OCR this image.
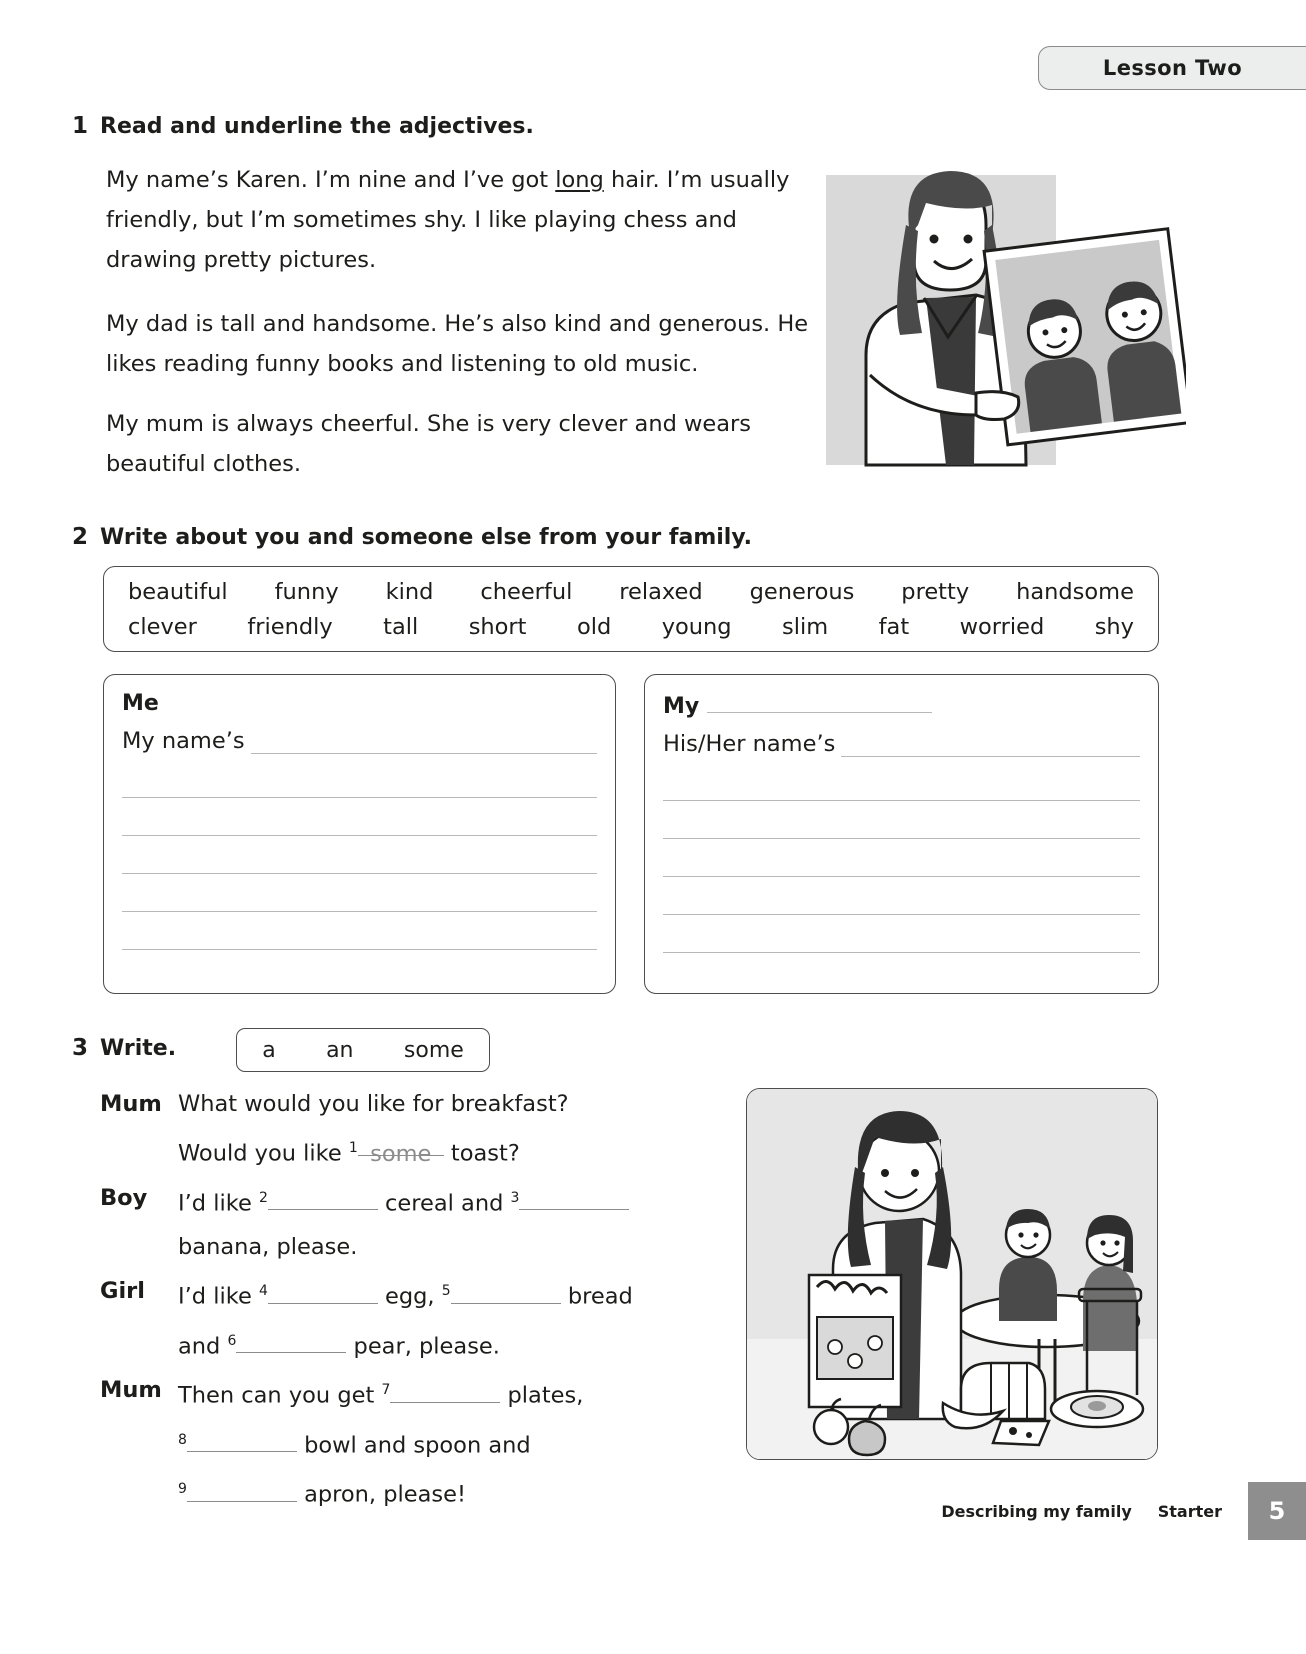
Lesson Two
1 Read and underline the adjectives.
My name’s Karen. I’m nine and I’ve got long hair. I’m usually friendly, but I’m sometimes shy. I like playing chess and drawing pretty pictures.
My dad is tall and handsome. He’s also kind and generous. He likes reading funny books and listening to old music.
My mum is always cheerful. She is very clever and wears beautiful clothes.
2 Write about you and someone else from your family.
beautiful funny kind cheerful relaxed generous pretty handsome
clever friendly tall short old young slim fat worried shy
Me
My name’s
My
His/Her name’s
3 Write.	a an some
Mum What would you like for breakfast?
Would you like $^1$ some toast?
Boy	I’d like $^2$	cereal and $^3$
banana, please.
Girl	I’d like $^4$	egg, $^5$	bread
and $^6$	pear, please.
Mum Then can you get $^7$	plates,
$^8$	bowl and spoon and
$^9$	apron, please!
Describing my family Starter	5
